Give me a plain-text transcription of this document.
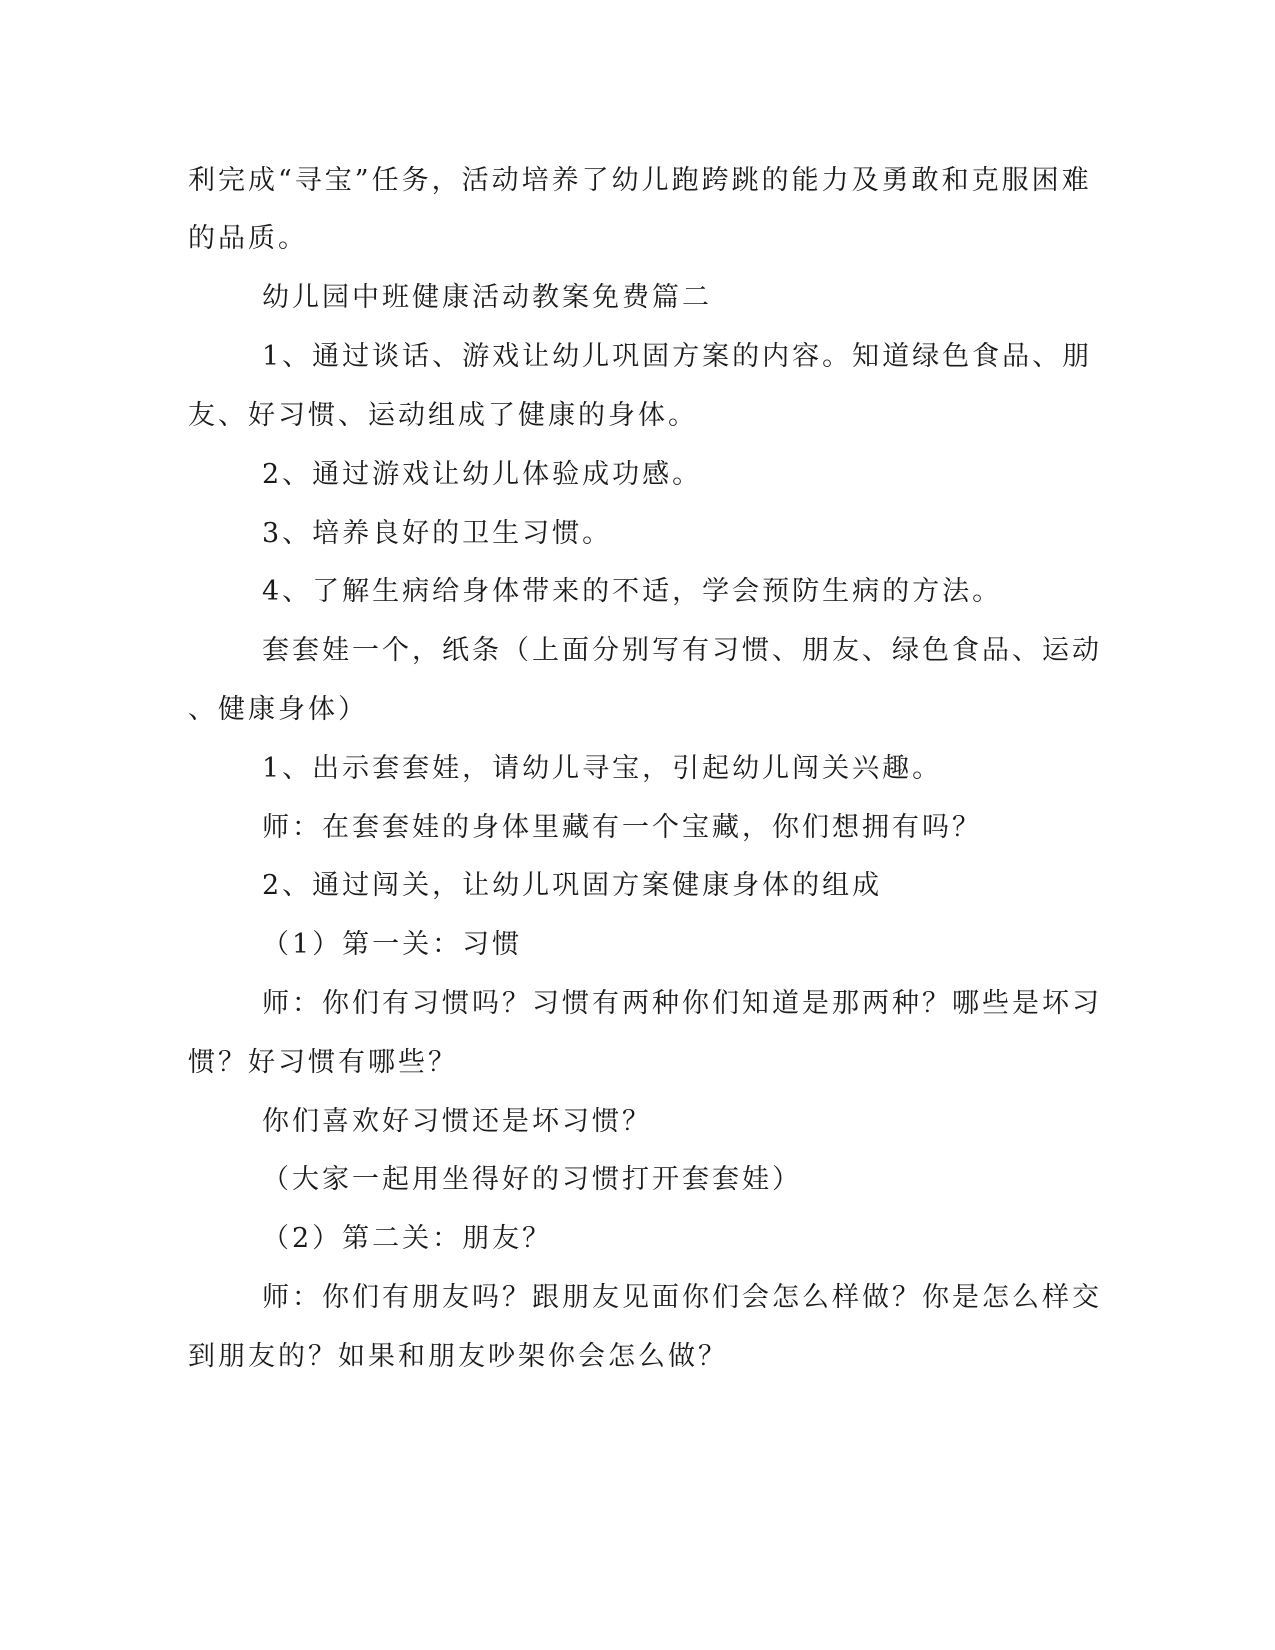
利完成“寻宝”任务，活动培养了幼儿跑跨跳的能力及勇敢和克服困难

的品质。

幼儿园中班健康活动教案免费篇二

1、通过谈话、游戏让幼儿巩固方案的内容。知道绿色食品、朋

友、好习惯、运动组成了健康的身体。

2、通过游戏让幼儿体验成功感。

3、培养良好的卫生习惯。

4、了解生病给身体带来的不适，学会预防生病的方法。

套套娃一个，纸条（上面分别写有习惯、朋友、绿色食品、运动

、健康身体）

1、出示套套娃，请幼儿寻宝，引起幼儿闯关兴趣。

师：在套套娃的身体里藏有一个宝藏，你们想拥有吗？

2、通过闯关，让幼儿巩固方案健康身体的组成

（1）第一关：习惯

师：你们有习惯吗？习惯有两种你们知道是那两种？哪些是坏习

惯？好习惯有哪些？

你们喜欢好习惯还是坏习惯？

（大家一起用坐得好的习惯打开套套娃）

（2）第二关：朋友？

师：你们有朋友吗？跟朋友见面你们会怎么样做？你是怎么样交

到朋友的？如果和朋友吵架你会怎么做？
